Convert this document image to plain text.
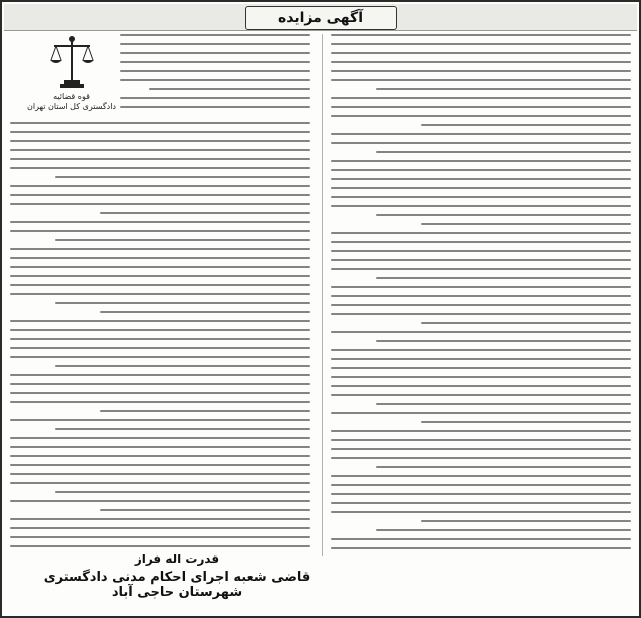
آگهی مزایده
قوه قضائیه
دادگستری کل استان تهران
قدرت اله فراز
قاضی شعبه اجرای احکام مدنی دادگستری شهرستان حاجی آباد
